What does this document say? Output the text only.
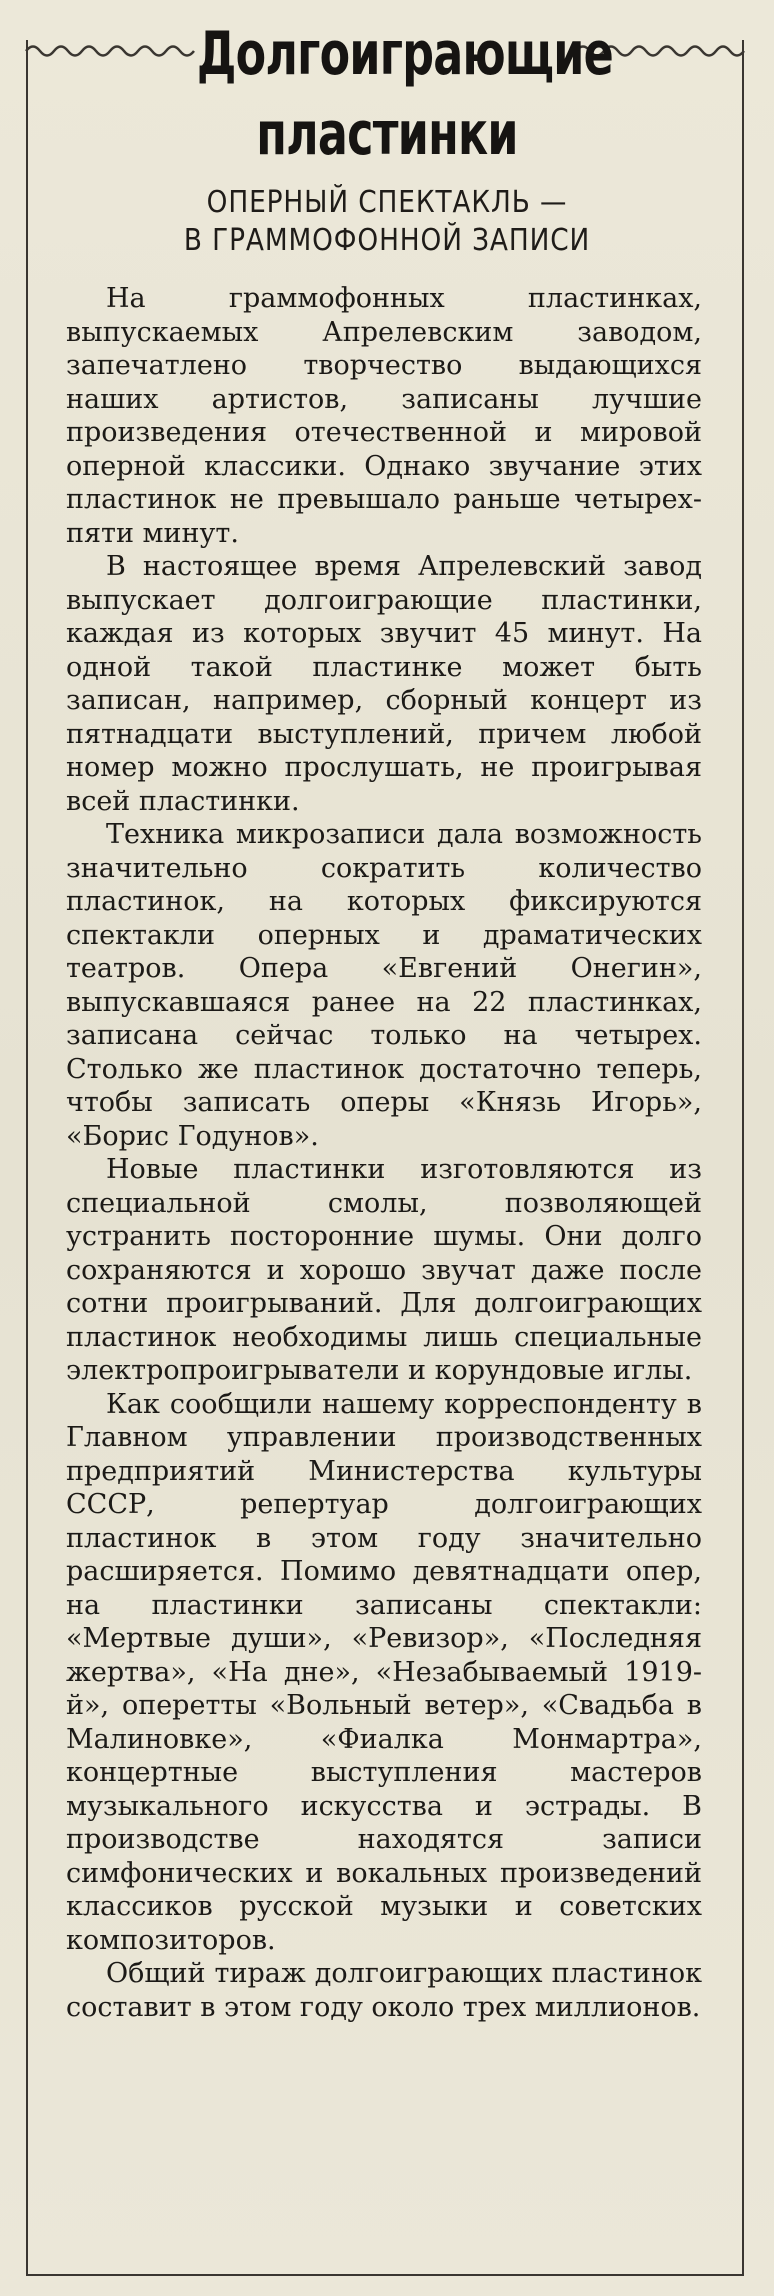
Долгоиграющие
пластинки
ОПЕРНЫЙ СПЕКТАКЛЬ —
В ГРАММОФОННОЙ ЗАПИСИ

На граммофонных пластинках, выпускаемых Апрелевским заводом, запечатлено творчество выдающихся наших артистов, записаны лучшие произведения отечественной и мировой оперной классики. Однако звучание этих пластинок не превышало раньше четырех-пяти минут.

В настоящее время Апрелевский завод выпускает долгоиграющие пластинки, каждая из которых звучит 45 минут. На одной такой пластинке может быть записан, например, сборный концерт из пятнадцати выступлений, причем любой номер можно прослушать, не проигрывая всей пластинки.

Техника микрозаписи дала возможность значительно сократить количество пластинок, на которых фиксируются спектакли оперных и драматических театров. Опера «Евгений Онегин», выпускавшаяся ранее на 22 пластинках, записана сейчас только на четырех. Столько же пластинок достаточно теперь, чтобы записать оперы «Князь Игорь», «Борис Годунов».

Новые пластинки изготовляются из специальной смолы, позволяющей устранить посторонние шумы. Они долго сохраняются и хорошо звучат даже после сотни проигрываний. Для долгоиграющих пластинок необходимы лишь специальные электропроигрыватели и корундовые иглы.

Как сообщили нашему корреспонденту в Главном управлении производственных предприятий Министерства культуры СССР, репертуар долгоиграющих пластинок в этом году значительно расширяется. Помимо девятнадцати опер, на пластинки записаны спектакли: «Мертвые души», «Ревизор», «Последняя жертва», «На дне», «Незабываемый 1919-й», оперетты «Вольный ветер», «Свадьба в Малиновке», «Фиалка Монмартра», концертные выступления мастеров музыкального искусства и эстрады. В производстве находятся записи симфонических и вокальных произведений классиков русской музыки и советских композиторов.

Общий тираж долгоиграющих пластинок составит в этом году около трех миллионов.
